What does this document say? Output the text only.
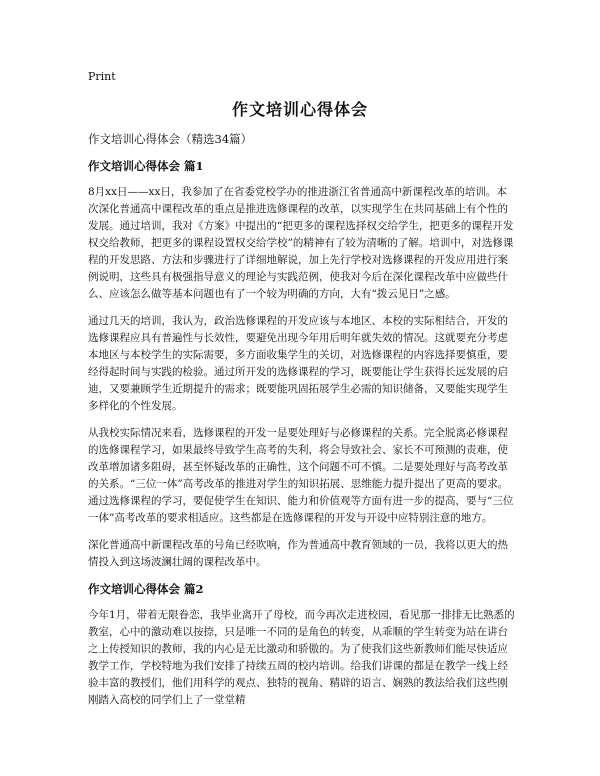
Print
作文培训心得体会
作文培训心得体会（精选34篇）
作文培训心得体会 篇1

8月xx日——xx日，我参加了在省委党校学办的推进浙江省普通高中新课程改革的培训。本次深化普通高中课程改革的重点是推进选修课程的改革，以实现学生在共同基础上有个性的发展。通过培训，我对《方案》中提出的“把更多的课程选择权交给学生，把更多的课程开发权交给教师，把更多的课程设置权交给学校”的精神有了较为清晰的了解。培训中，对选修课程的开发思路、方法和步骤进行了详细地解说，加上先行学校对选修课程的开发应用进行案例说明，这些具有极强指导意义的理论与实践范例，使我对今后在深化课程改革中应做些什么、应该怎么做等基本问题也有了一个较为明确的方向，大有“拨云见日”之感。

通过几天的培训，我认为，政治选修课程的开发应该与本地区、本校的实际相结合，开发的选修课程应具有普遍性与长效性，要避免出现今年用后明年就失效的情况。这就要充分考虑本地区与本校学生的实际需要，多方面收集学生的关切，对选修课程的内容选择要慎重，要经得起时间与实践的检验。通过所开发的选修课程的学习，既要能让学生获得长远发展的启迪，又要兼顾学生近期提升的需求；既要能巩固拓展学生必需的知识储备，又要能实现学生多样化的个性发展。

从我校实际情况来看，选修课程的开发一是要处理好与必修课程的关系。完全脱离必修课程的选修课程学习，如果最终导致学生高考的失利，将会导致社会、家长不可预测的责难，使改革增加诸多阻碍，甚至怀疑改革的正确性，这个问题不可不慎。二是要处理好与高考改革的关系。“三位一体”高考改革的推进对学生的知识拓展、思维能力提升提出了更高的要求。通过选修课程的学习，要促使学生在知识、能力和价值观等方面有进一步的提高，要与“三位一体”高考改革的要求相适应。这些都是在选修课程的开发与开设中应特别注意的地方。

深化普通高中新课程改革的号角已经吹响，作为普通高中教育领域的一员，我将以更大的热情投入到这场波澜壮阔的课程改革中。

作文培训心得体会 篇2

今年1月，带着无限眷恋，我毕业离开了母校，而今再次走进校园，看见那一排排无比熟悉的教室，心中的激动难以按捺，只是唯一不同的是角色的转变，从乖顺的学生转变为站在讲台之上传授知识的教师，我的内心是无比激动和骄傲的。为了使我们这些新教师们能尽快适应教学工作，学校特地为我们安排了持续五周的校内培训。给我们讲课的都是在教学一线上经验丰富的教授们，他们用科学的观点、独特的视角、精辟的语言、娴熟的教法给我们这些刚刚踏入高校的同学们上了一堂堂精
